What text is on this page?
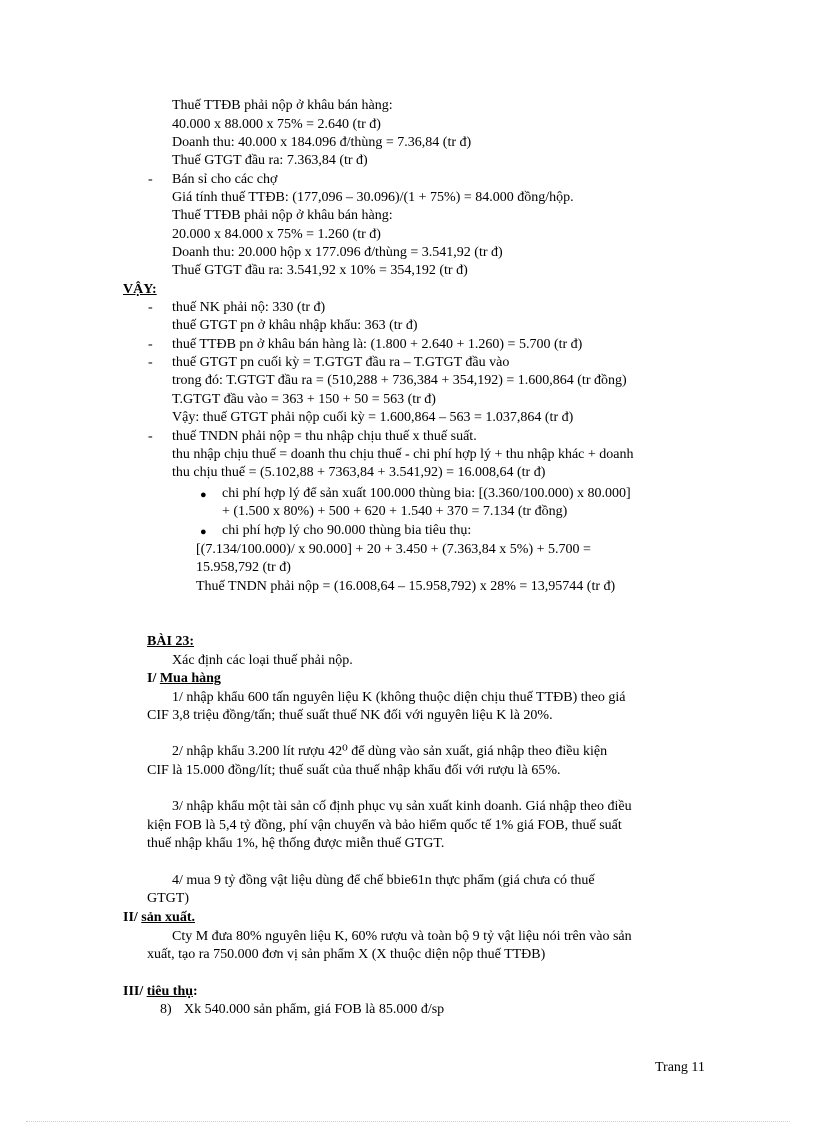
Thuế TTĐB phải nộp ở khâu bán hàng:
40.000 x 88.000 x 75% = 2.640 (tr đ)
Doanh thu: 40.000 x 184.096 đ/thùng = 7.36,84 (tr đ)
Thuế GTGT đầu ra: 7.363,84 (tr đ)
- Bán sỉ cho các chợ
Giá tính thuế TTĐB: (177,096 – 30.096)/(1 + 75%) = 84.000 đồng/hộp.
Thuế TTĐB phải nộp ở khâu bán hàng:
20.000 x 84.000 x 75% = 1.260 (tr đ)
Doanh thu: 20.000 hộp x 177.096 đ/thùng = 3.541,92 (tr đ)
Thuế GTGT đầu ra: 3.541,92 x 10% = 354,192 (tr đ)
VẬY:
- thuế NK phải nộ: 330 (tr đ)
thuế GTGT pn ở khâu nhập khẩu: 363 (tr đ)
- thuế TTĐB pn ở khâu bán hàng là: (1.800 + 2.640 + 1.260) = 5.700 (tr đ)
- thuế GTGT pn cuối kỳ = T.GTGT đầu ra – T.GTGT đầu vào
trong đó: T.GTGT đầu ra = (510,288 + 736,384 + 354,192) = 1.600,864 (tr đồng)
T.GTGT đầu vào = 363 + 150 + 50 = 563 (tr đ)
Vậy: thuế GTGT phải nộp cuối kỳ = 1.600,864 – 563 = 1.037,864 (tr đ)
- thuế TNDN phải nộp = thu nhập chịu thuế x thuế suất.
thu nhập chịu thuế = doanh thu chịu thuế - chi phí hợp lý + thu nhập khác + doanh
thu chịu thuế = (5.102,88 + 7363,84 + 3.541,92) = 16.008,64 (tr đ)
● chi phí hợp lý để sản xuất 100.000 thùng bia: [(3.360/100.000) x 80.000]
+ (1.500 x 80%) + 500 + 620 + 1.540 + 370 = 7.134 (tr đồng)
● chi phí hợp lý cho 90.000 thùng bia tiêu thụ:
[(7.134/100.000)/ x 90.000] + 20 + 3.450 + (7.363,84 x 5%) + 5.700 =
15.958,792 (tr đ)
Thuế TNDN phải nộp = (16.008,64 – 15.958,792) x 28% = 13,95744 (tr đ)
BÀI 23:
Xác định các loại thuế phải nộp.
I/ Mua hàng
1/ nhập khẩu 600 tấn nguyên liệu K (không thuộc diện chịu thuế TTĐB) theo giá
CIF 3,8 triệu đồng/tấn; thuế suất thuế NK đối với nguyên liệu K là 20%.
2/ nhập khẩu 3.200 lít rượu 42⁰ để dùng vào sản xuất, giá nhập theo điều kiện
CIF là 15.000 đồng/lít; thuế suất của thuế nhập khẩu đối với rượu là 65%.
3/ nhập khẩu một tài sản cố định phục vụ sản xuất kinh doanh. Giá nhập theo điều
kiện FOB là 5,4 tỷ đồng, phí vận chuyển và bảo hiểm quốc tế 1% giá FOB, thuế suất
thuế nhập khẩu 1%, hệ thống được miễn thuế GTGT.
4/ mua 9 tỷ đồng vật liệu dùng để chế bbie61n thực phẩm (giá chưa có thuế
GTGT)
II/ sản xuất.
Cty M đưa 80% nguyên liệu K, 60% rượu và toàn bộ 9 tỷ vật liệu nói trên vào sản
xuất, tạo ra 750.000 đơn vị sản phẩm X (X thuộc diện nộp thuế TTĐB)
III/ tiêu thụ:
8) Xk 540.000 sản phẩm, giá FOB là 85.000 đ/sp
Trang 11
